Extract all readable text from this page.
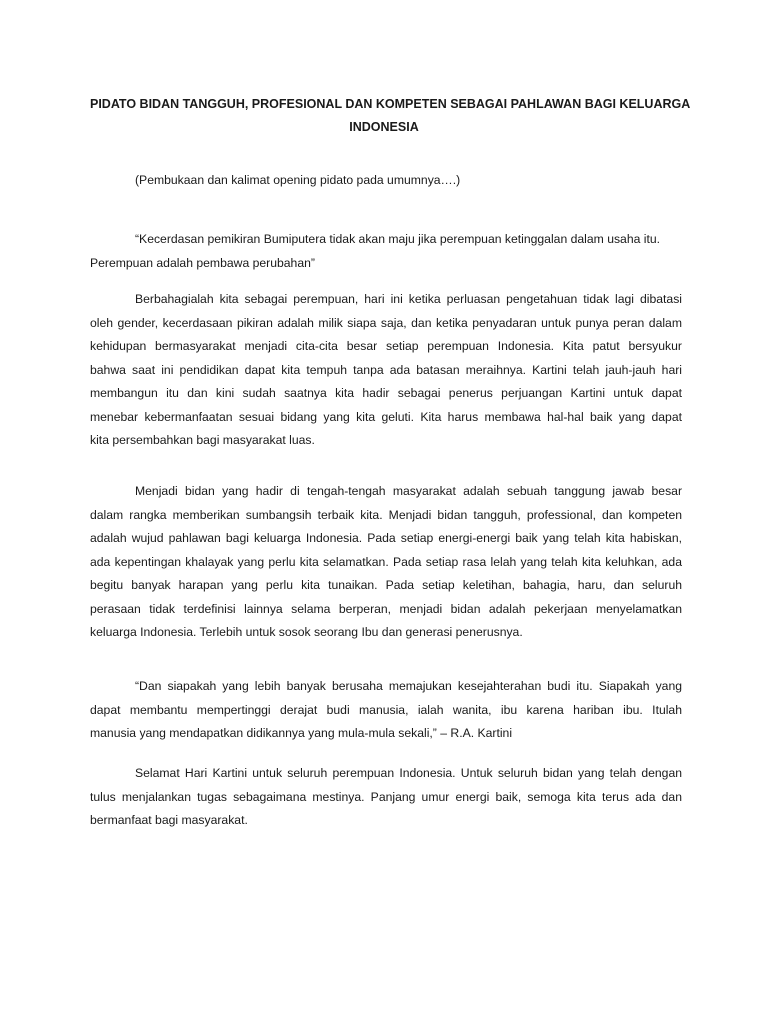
PIDATO BIDAN TANGGUH, PROFESIONAL DAN KOMPETEN SEBAGAI PAHLAWAN BAGI KELUARGA
INDONESIA

(Pembukaan dan kalimat opening pidato pada umumnya….)

“Kecerdasan pemikiran Bumiputera tidak akan maju jika perempuan ketinggalan dalam usaha itu.
Perempuan adalah pembawa perubahan”

Berbahagialah kita sebagai perempuan, hari ini ketika perluasan pengetahuan tidak lagi dibatasi
oleh gender, kecerdasaan pikiran adalah milik siapa saja, dan ketika penyadaran untuk punya peran dalam
kehidupan bermasyarakat menjadi cita-cita besar setiap perempuan Indonesia. Kita patut bersyukur
bahwa saat ini pendidikan dapat kita tempuh tanpa ada batasan meraihnya. Kartini telah jauh-jauh hari
membangun itu dan kini sudah saatnya kita hadir sebagai penerus perjuangan Kartini untuk dapat
menebar kebermanfaatan sesuai bidang yang kita geluti. Kita harus membawa hal-hal baik yang dapat
kita persembahkan bagi masyarakat luas.

Menjadi bidan yang hadir di tengah-tengah masyarakat adalah sebuah tanggung jawab besar
dalam rangka memberikan sumbangsih terbaik kita. Menjadi bidan tangguh, professional, dan kompeten
adalah wujud pahlawan bagi keluarga Indonesia. Pada setiap energi-energi baik yang telah kita habiskan,
ada kepentingan khalayak yang perlu kita selamatkan. Pada setiap rasa lelah yang telah kita keluhkan, ada
begitu banyak harapan yang perlu kita tunaikan. Pada setiap keletihan, bahagia, haru, dan seluruh
perasaan tidak terdefinisi lainnya selama berperan, menjadi bidan adalah pekerjaan menyelamatkan
keluarga Indonesia. Terlebih untuk sosok seorang Ibu dan generasi penerusnya.

“Dan siapakah yang lebih banyak berusaha memajukan kesejahterahan budi itu. Siapakah yang
dapat membantu mempertinggi derajat budi manusia, ialah wanita, ibu karena hariban ibu. Itulah
manusia yang mendapatkan didikannya yang mula-mula sekali,” – R.A. Kartini

Selamat Hari Kartini untuk seluruh perempuan Indonesia. Untuk seluruh bidan yang telah dengan
tulus menjalankan tugas sebagaimana mestinya. Panjang umur energi baik, semoga kita terus ada dan
bermanfaat bagi masyarakat.
